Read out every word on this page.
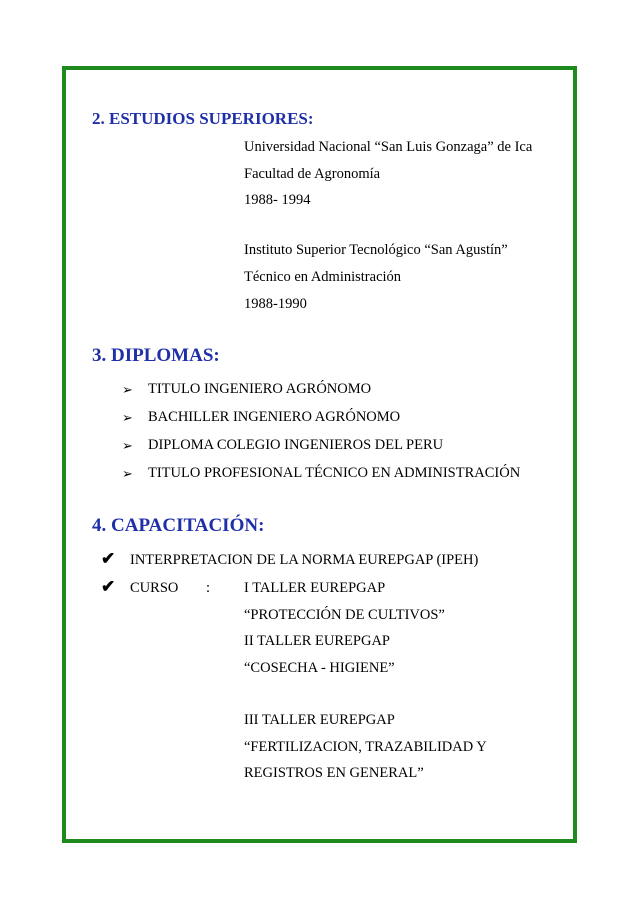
2. ESTUDIOS SUPERIORES:
Universidad Nacional “San Luis Gonzaga” de Ica
Facultad de Agronomía
1988- 1994
Instituto Superior Tecnológico “San Agustín”
Técnico en Administración
1988-1990
3. DIPLOMAS:
➢ TITULO INGENIERO AGRÓNOMO
➢ BACHILLER INGENIERO AGRÓNOMO
➢ DIPLOMA COLEGIO INGENIEROS DEL PERU
➢ TITULO PROFESIONAL TÉCNICO EN ADMINISTRACIÓN
4. CAPACITACIÓN:
✔ INTERPRETACION DE LA NORMA EUREPGAP (IPEH)
✔ CURSO : I TALLER EUREPGAP
“PROTECCIÓN DE CULTIVOS”
II TALLER EUREPGAP
“COSECHA - HIGIENE”
III TALLER EUREPGAP
“FERTILIZACION, TRAZABILIDAD Y
REGISTROS EN GENERAL”
